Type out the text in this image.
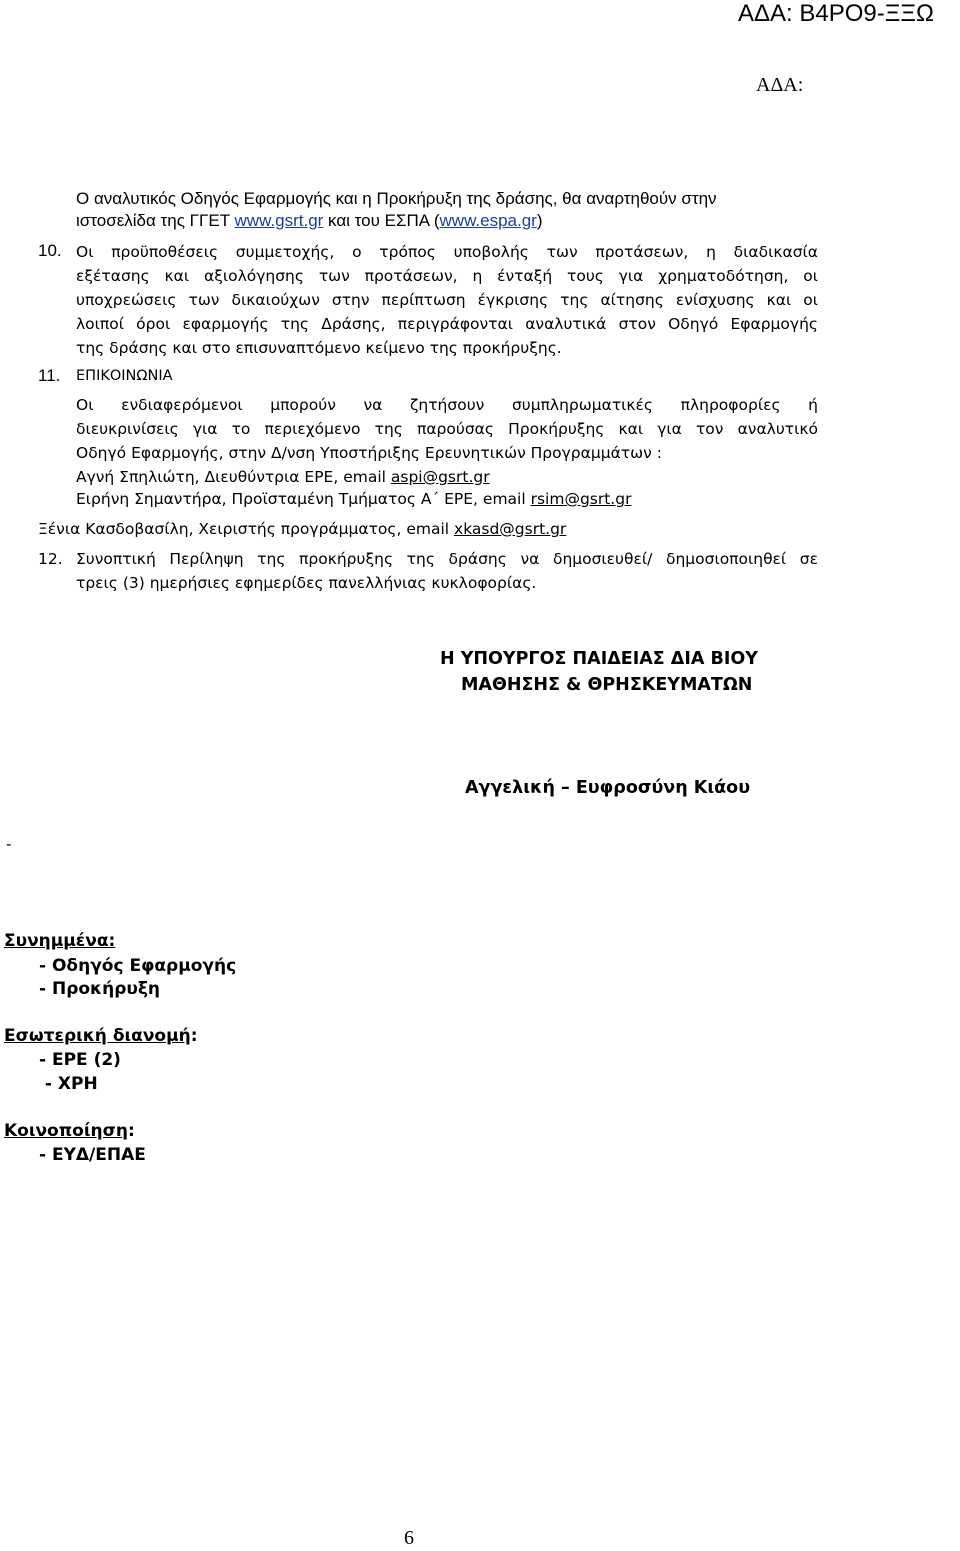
ΑΔΑ: Β4ΡΟ9-ΞΞΩ
ΑΔΑ:
Ο αναλυτικός Οδηγός Εφαρμογής και η Προκήρυξη της δράσης, θα αναρτηθούν στην
ιστοσελίδα της ΓΓΕΤ www.gsrt.gr και του ΕΣΠΑ (www.espa.gr)
10. Οι προϋποθέσεις συμμετοχής, ο τρόπος υποβολής των προτάσεων, η διαδικασία
εξέτασης και αξιολόγησης των προτάσεων, η ένταξή τους για χρηματοδότηση, οι
υποχρεώσεις των δικαιούχων στην περίπτωση έγκρισης της αίτησης ενίσχυσης και οι
λοιποί όροι εφαρμογής της Δράσης, περιγράφονται αναλυτικά στον Οδηγό Εφαρμογής
της δράσης και στο επισυναπτόμενο κείμενο της προκήρυξης.
11. ΕΠΙΚΟΙΝΩΝΙΑ
Οι ενδιαφερόμενοι μπορούν να ζητήσουν συμπληρωματικές πληροφορίες ή
διευκρινίσεις για το περιεχόμενο της παρούσας Προκήρυξης και για τον αναλυτικό
Οδηγό Εφαρμογής, στην Δ/νση Υποστήριξης Ερευνητικών Προγραμμάτων :
Αγνή Σπηλιώτη, Διευθύντρια ΕΡΕ, email aspi@gsrt.gr
Ειρήνη Σημαντήρα, Προϊσταμένη Τμήματος Α΄ ΕΡΕ, email rsim@gsrt.gr
Ξένια Κασδοβασίλη, Χειριστής προγράμματος, email xkasd@gsrt.gr
12. Συνοπτική Περίληψη της προκήρυξης της δράσης να δημοσιευθεί/ δημοσιοποιηθεί σε
τρεις (3) ημερήσιες εφημερίδες πανελλήνιας κυκλοφορίας.
Η ΥΠΟΥΡΓΟΣ ΠΑΙΔΕΙΑΣ ΔΙΑ ΒΙΟΥ
ΜΑΘΗΣΗΣ & ΘΡΗΣΚΕΥΜΑΤΩΝ
Αγγελική – Ευφροσύνη Κιάου
-
Συνημμένα:
- Οδηγός Εφαρμογής
- Προκήρυξη
Εσωτερική διανομή:
- ΕΡΕ (2)
- ΧΡΗ
Κοινοποίηση:
- ΕΥΔ/ΕΠΑΕ
6
